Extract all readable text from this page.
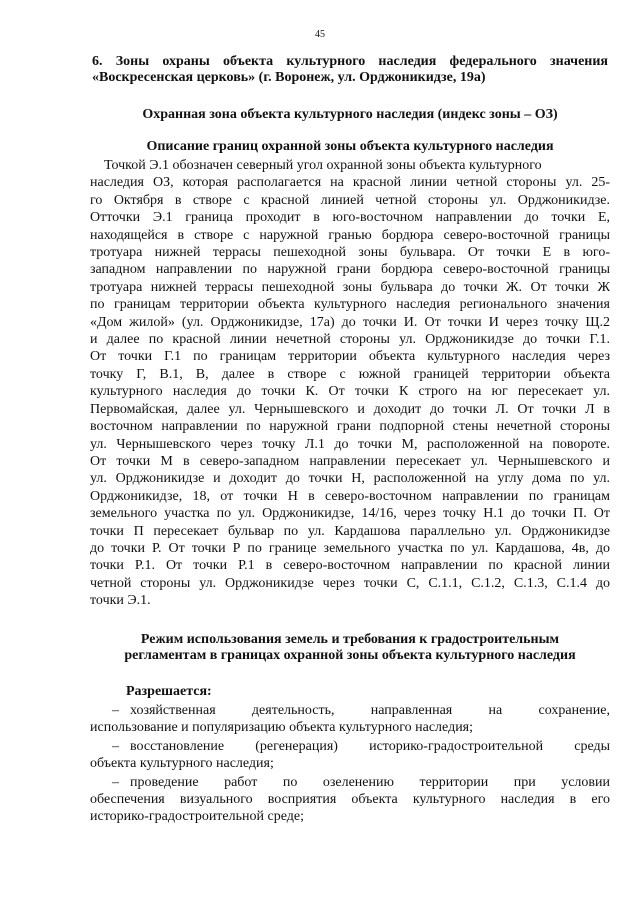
45
6. Зоны охраны объекта культурного наследия федерального значения
«Воскресенская церковь» (г. Воронеж, ул. Орджоникидзе, 19а)
Охранная зона объекта культурного наследия (индекс зоны – ОЗ)
Описание границ охранной зоны объекта культурного наследия
Точкой Э.1 обозначен северный угол охранной зоны объекта культурного
наследия ОЗ, которая располагается на красной линии четной стороны ул. 25-
го Октября в створе с красной линией четной стороны ул. Орджоникидзе.
Отточки Э.1 граница проходит в юго-восточном направлении до точки Е,
находящейся в створе с наружной гранью бордюра северо-восточной границы
тротуара нижней террасы пешеходной зоны бульвара. От точки Е в юго-
западном направлении по наружной грани бордюра северо-восточной границы
тротуара нижней террасы пешеходной зоны бульвара до точки Ж. От точки Ж
по границам территории объекта культурного наследия регионального значения
«Дом жилой» (ул. Орджоникидзе, 17а) до точки И. От точки И через точку Щ.2
и далее по красной линии нечетной стороны ул. Орджоникидзе до точки Г.1.
От точки Г.1 по границам территории объекта культурного наследия через
точку Г, В.1, В, далее в створе с южной границей территории объекта
культурного наследия до точки К. От точки К строго на юг пересекает ул.
Первомайская, далее ул. Чернышевского и доходит до точки Л. От точки Л в
восточном направлении по наружной грани подпорной стены нечетной стороны
ул. Чернышевского через точку Л.1 до точки М, расположенной на повороте.
От точки М в северо-западном направлении пересекает ул. Чернышевского и
ул. Орджоникидзе и доходит до точки Н, расположенной на углу дома по ул.
Орджоникидзе, 18, от точки Н в северо-восточном направлении по границам
земельного участка по ул. Орджоникидзе, 14/16, через точку Н.1 до точки П. От
точки П пересекает бульвар по ул. Кардашова параллельно ул. Орджоникидзе
до точки Р. От точки Р по границе земельного участка по ул. Кардашова, 4в, до
точки Р.1. От точки Р.1 в северо-восточном направлении по красной линии
четной стороны ул. Орджоникидзе через точки С, С.1.1, С.1.2, С.1.3, С.1.4 до
точки Э.1.
Режим использования земель и требования к градостроительным
регламентам в границах охранной зоны объекта культурного наследия
Разрешается:
– хозяйственная     деятельность,     направленная     на     сохранение,
использование и популяризацию объекта культурного наследия;
– восстановление (регенерация) историко-градостроительной среды
объекта культурного наследия;
– проведение  работ  по  озеленению  территории  при  условии
обеспечения визуального восприятия объекта культурного наследия в его
историко-градостроительной среде;
